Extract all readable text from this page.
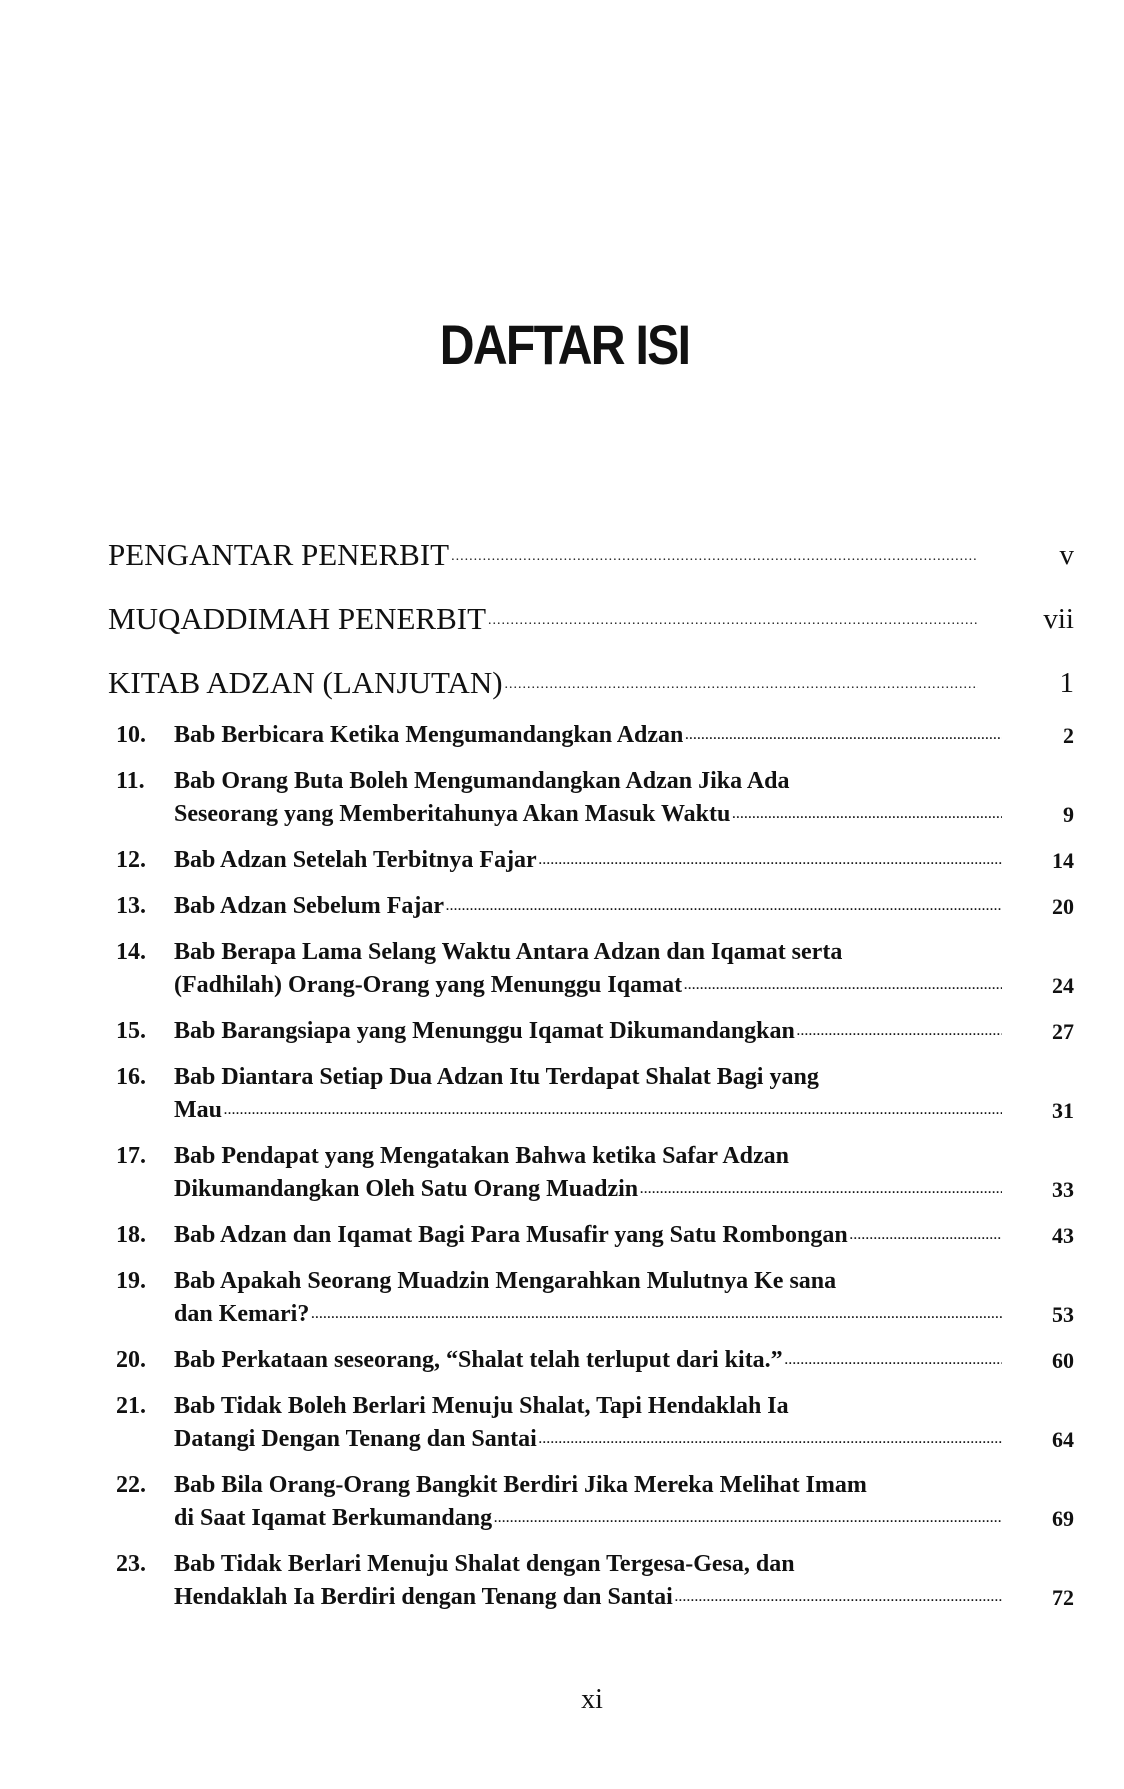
DAFTAR ISI
PENGANTAR PENERBIT .....	v
MUQADDIMAH PENERBIT .....	vii
KITAB ADZAN (LANJUTAN) .....	1
10.	Bab Berbicara Ketika Mengumandangkan Adzan .....	2
11.	Bab Orang Buta Boleh Mengumandangkan Adzan Jika Ada
Seseorang yang Memberitahunya Akan Masuk Waktu .....	9
12.	Bab Adzan Setelah Terbitnya Fajar .....	14
13.	Bab Adzan Sebelum Fajar .....	20
14.	Bab Berapa Lama Selang Waktu Antara Adzan dan Iqamat serta
(Fadhilah) Orang-Orang yang Menunggu Iqamat .....	24
15.	Bab Barangsiapa yang Menunggu Iqamat Dikumandangkan .....	27
16.	Bab Diantara Setiap Dua Adzan Itu Terdapat Shalat Bagi yang
Mau .....	31
17.	Bab Pendapat yang Mengatakan Bahwa ketika Safar Adzan
Dikumandangkan Oleh Satu Orang Muadzin .....	33
18.	Bab Adzan dan Iqamat Bagi Para Musafir yang Satu Rombongan .....	43
19.	Bab Apakah Seorang Muadzin Mengarahkan Mulutnya Ke sana
dan Kemari? .....	53
20.	Bab Perkataan seseorang, “Shalat telah terluput dari kita.” .....	60
21.	Bab Tidak Boleh Berlari Menuju Shalat, Tapi Hendaklah Ia
Datangi Dengan Tenang dan Santai .....	64
22.	Bab Bila Orang-Orang Bangkit Berdiri Jika Mereka Melihat Imam
di Saat Iqamat Berkumandang .....	69
23.	Bab Tidak Berlari Menuju Shalat dengan Tergesa-Gesa, dan
Hendaklah Ia Berdiri dengan Tenang dan Santai .....	72
xi
